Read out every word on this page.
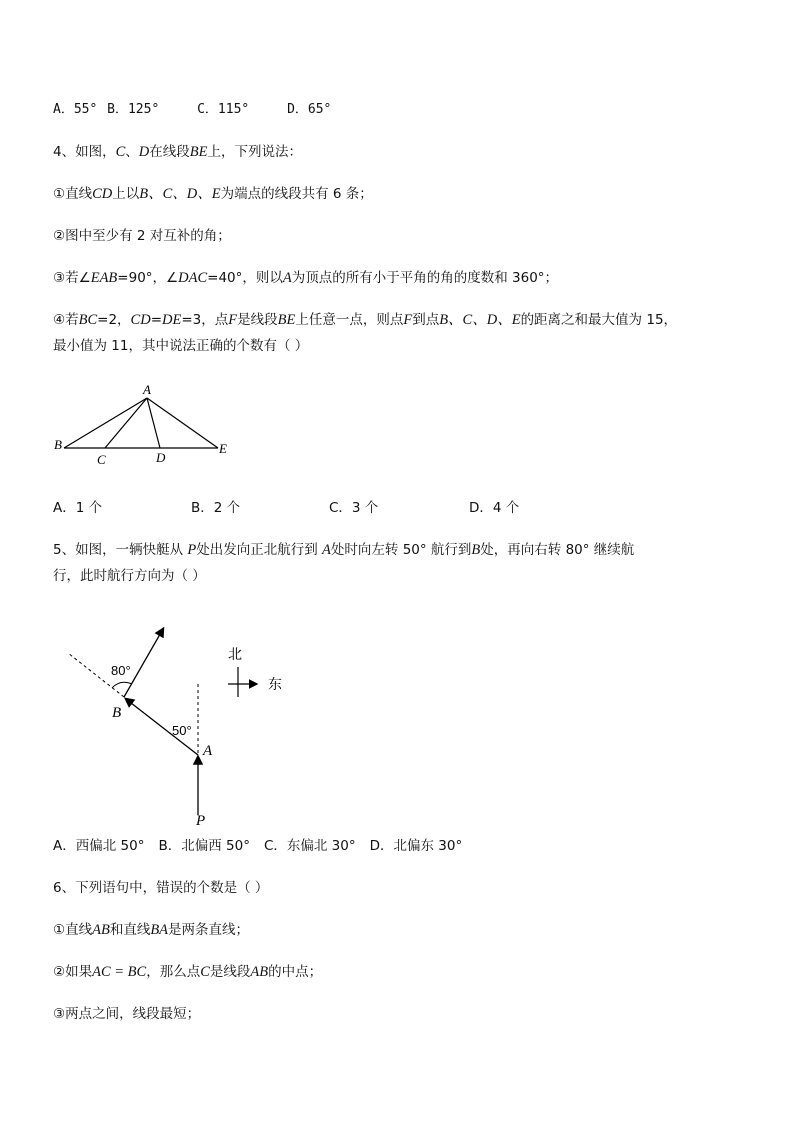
A．55° B．125°	C．115°	D．65°
4、如图，C、D在线段BE上，下列说法：
①直线CD上以B、C、D、E为端点的线段共有 6 条；
②图中至少有 2 对互补的角；
③若∠EAB=90°，∠DAC=40°，则以A为顶点的所有小于平角的角的度数和 360°；
④若BC=2，CD=DE=3，点F是线段BE上任意一点，则点F到点B、C、D、E的距离之和最大值为 15，
最小值为 11，其中说法正确的个数有（ ）
A
B
C	D
E
A．1 个	B．2 个	C．3 个	D．4 个
5、如图，一辆快艇从 P处出发向正北航行到 A处时向左转 50° 航行到B处，再向右转 80° 继续航
行，此时航行方向为（ ）
80°
50°
B
A
P
北
东
A．西偏北 50° B．北偏西 50° C．东偏北 30° D．北偏东 30°
6、下列语句中，错误的个数是（ ）
①直线AB和直线BA是两条直线；
②如果AC = BC，那么点C是线段AB的中点；
③两点之间，线段最短；
